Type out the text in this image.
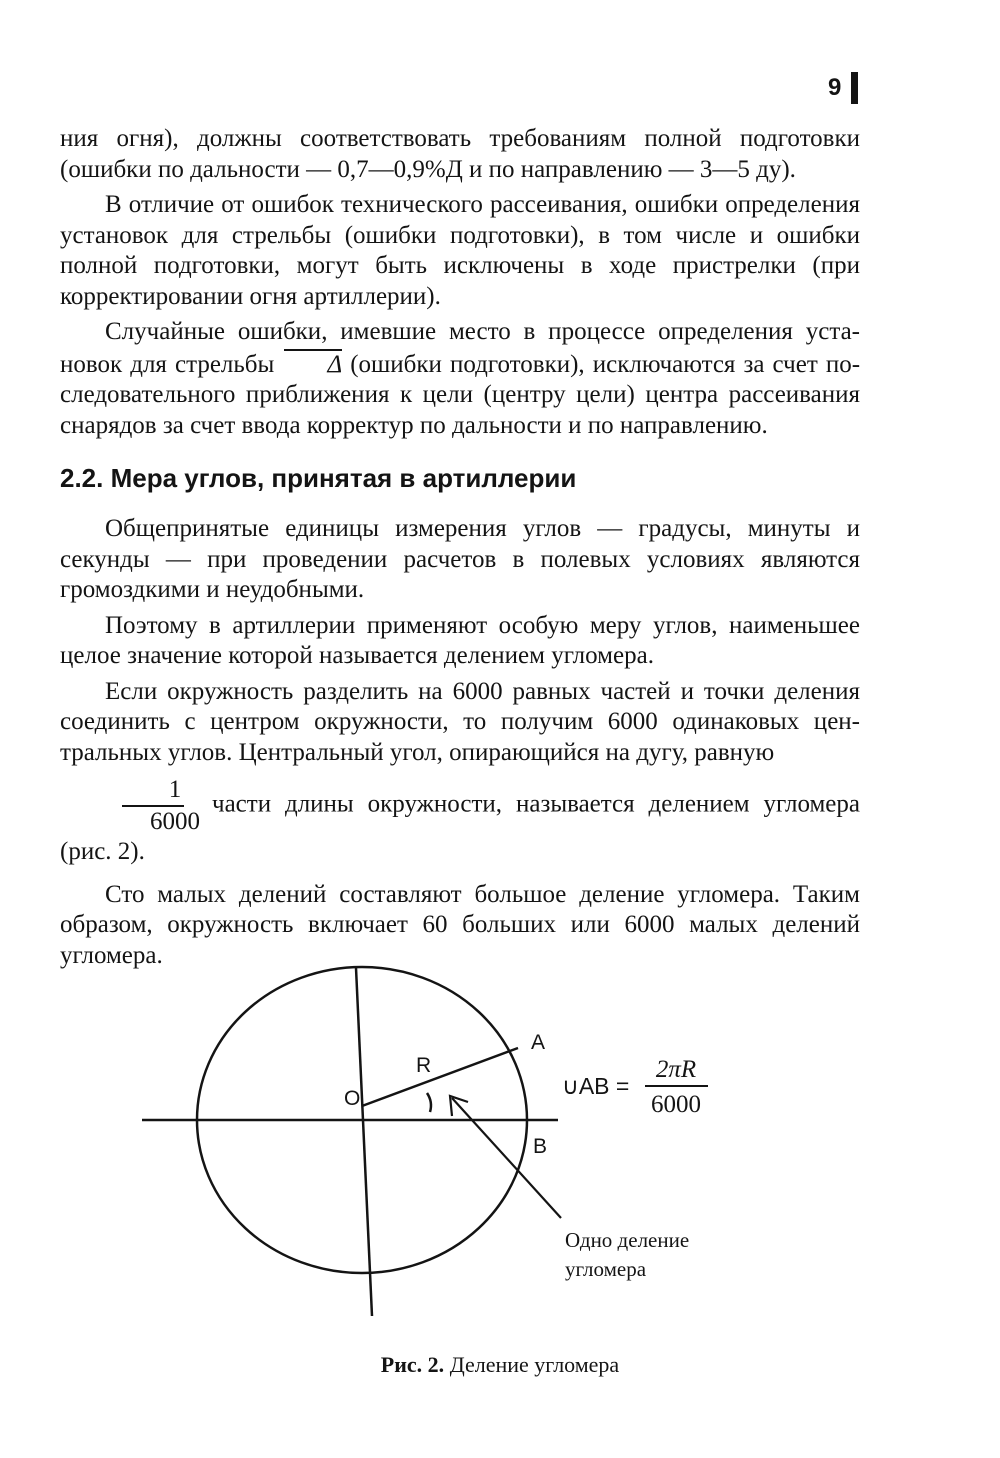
9

ния огня), должны соответствовать требованиям полной подготовки (ошибки по дальности — 0,7—0,9%Д и по направлению — 3—5 ду).

В отличие от ошибок технического рассеивания, ошибки определения установок для стрельбы (ошибки подготовки), в том числе и ошибки полной подготовки, могут быть исключены в ходе пристрелки (при корректировании огня артиллерии).

Случайные ошибки, имевшие место в процессе определения установок для стрельбы Δ (ошибки подготовки), исключаются за счет последовательного приближения к цели (центру цели) центра рассеивания снарядов за счет ввода корректур по дальности и по направлению.

2.2. Мера углов, принятая в артиллерии

Общепринятые единицы измерения углов — градусы, минуты и секунды — при проведении расчетов в полевых условиях являются громоздкими и неудобными.

Поэтому в артиллерии применяют особую меру углов, наименьшее целое значение которой называется делением угломера.

Если окружность разделить на 6000 равных частей и точки деления соединить с центром окружности, то получим 6000 одинаковых центральных углов. Центральный угол, опирающийся на дугу, равную
$\frac{1}{6000}$ части длины окружности, называется делением угломера (рис. 2).

Сто малых делений составляют большое деление угломера. Таким образом, окружность включает 60 больших или 6000 малых делений угломера.

O
R
A
B
∪AB =
2πR
6000
Одно деление
угломера
Рис. 2. Деление угломера
